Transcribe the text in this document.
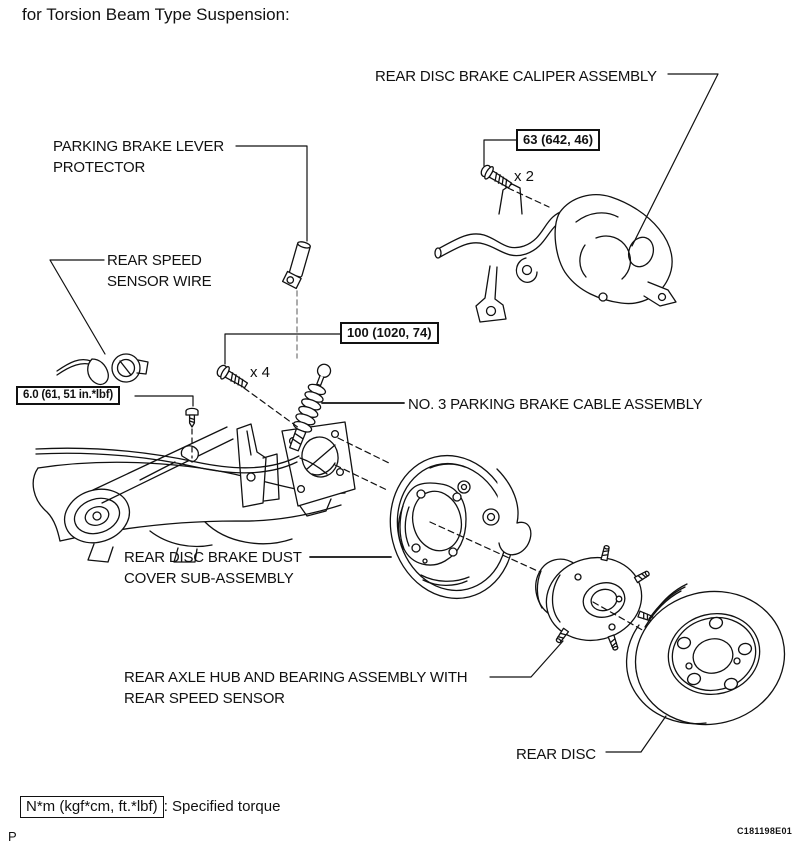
for Torsion Beam Type Suspension:
REAR DISC BRAKE CALIPER ASSEMBLY
63 (642, 46)
x 2
PARKING BRAKE LEVER
PROTECTOR
REAR SPEED
SENSOR WIRE
6.0 (61, 51 in.*lbf)
100 (1020, 74)
x 4
NO. 3 PARKING BRAKE CABLE ASSEMBLY
REAR DISC BRAKE DUST
COVER SUB-ASSEMBLY
REAR AXLE HUB AND BEARING ASSEMBLY WITH
REAR SPEED SENSOR
REAR DISC
N*m (kgf*cm, ft.*lbf) : Specified torque
P	C181198E01
